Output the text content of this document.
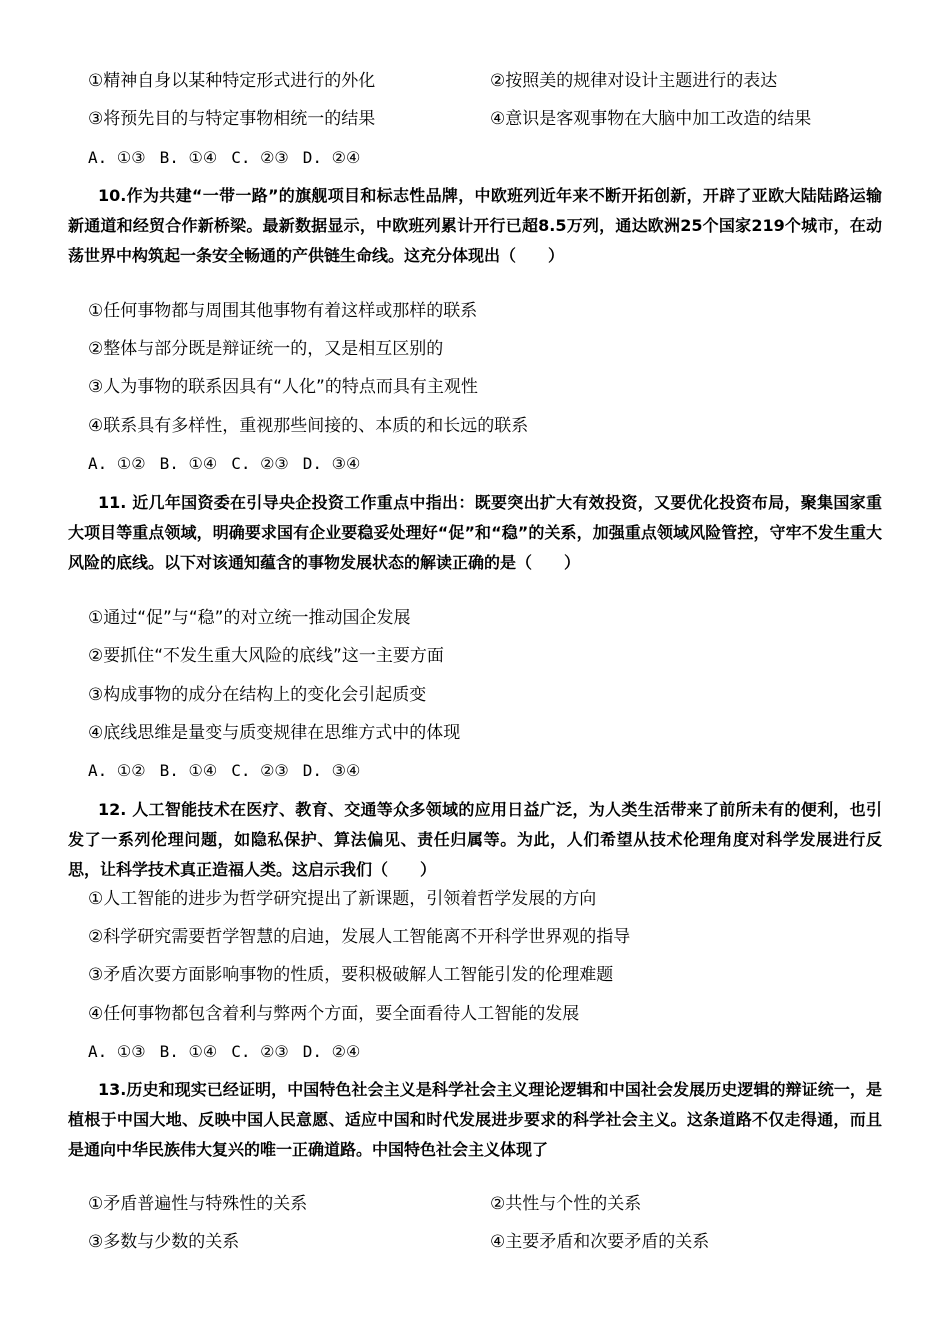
①精神自身以某种特定形式进行的外化	②按照美的规律对设计主题进行的表达
③将预先目的与特定事物相统一的结果	④意识是客观事物在大脑中加工改造的结果
A. ①③ B. ①④ C. ②③ D. ②④
10.作为共建“一带一路”的旗舰项目和标志性品牌，中欧班列近年来不断开拓创新，开辟了亚欧大陆陆路运输新通道和经贸合作新桥梁。最新数据显示，中欧班列累计开行已超8.5万列，通达欧洲25个国家219个城市，在动荡世界中构筑起一条安全畅通的产供链生命线。这充分体现出（　　）
①任何事物都与周围其他事物有着这样或那样的联系
②整体与部分既是辩证统一的，又是相互区别的
③人为事物的联系因具有“人化”的特点而具有主观性
④联系具有多样性，重视那些间接的、本质的和长远的联系
A. ①② B. ①④ C. ②③ D. ③④
11. 近几年国资委在引导央企投资工作重点中指出：既要突出扩大有效投资，又要优化投资布局，聚集国家重大项目等重点领域，明确要求国有企业要稳妥处理好“促”和“稳”的关系，加强重点领域风险管控，守牢不发生重大风险的底线。以下对该通知蕴含的事物发展状态的解读正确的是（　　）
①通过“促”与“稳”的对立统一推动国企发展
②要抓住“不发生重大风险的底线”这一主要方面
③构成事物的成分在结构上的变化会引起质变
④底线思维是量变与质变规律在思维方式中的体现
A. ①② B. ①④ C. ②③ D. ③④
12. 人工智能技术在医疗、教育、交通等众多领域的应用日益广泛，为人类生活带来了前所未有的便利，也引发了一系列伦理问题，如隐私保护、算法偏见、责任归属等。为此，人们希望从技术伦理角度对科学发展进行反思，让科学技术真正造福人类。这启示我们（　　）
①人工智能的进步为哲学研究提出了新课题，引领着哲学发展的方向
②科学研究需要哲学智慧的启迪，发展人工智能离不开科学世界观的指导
③矛盾次要方面影响事物的性质，要积极破解人工智能引发的伦理难题
④任何事物都包含着利与弊两个方面，要全面看待人工智能的发展
A. ①③ B. ①④ C. ②③ D. ②④
13.历史和现实已经证明，中国特色社会主义是科学社会主义理论逻辑和中国社会发展历史逻辑的辩证统一，是植根于中国大地、反映中国人民意愿、适应中国和时代发展进步要求的科学社会主义。这条道路不仅走得通，而且是通向中华民族伟大复兴的唯一正确道路。中国特色社会主义体现了
①矛盾普遍性与特殊性的关系	②共性与个性的关系
③多数与少数的关系	④主要矛盾和次要矛盾的关系
